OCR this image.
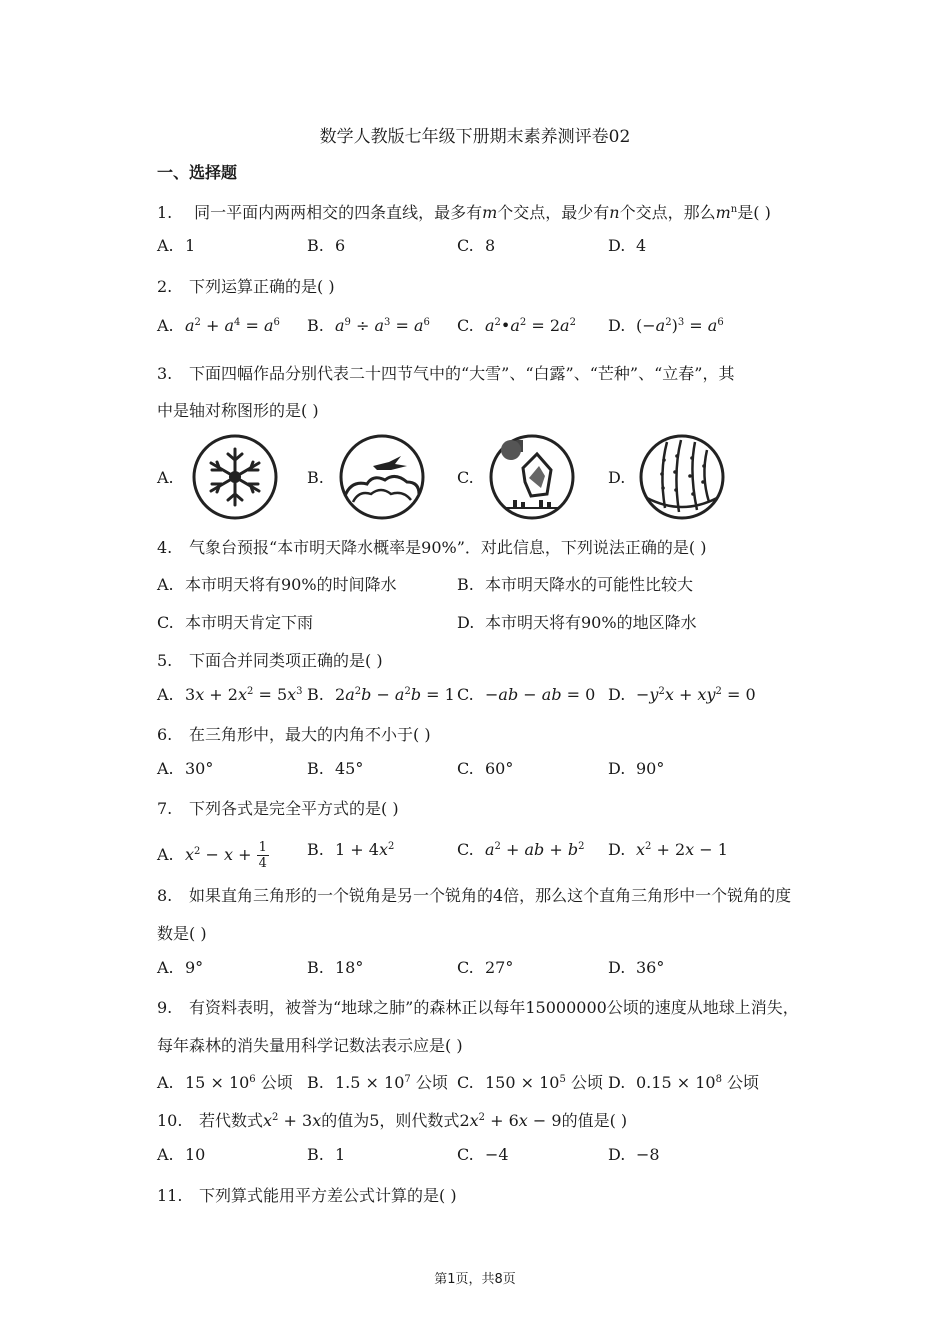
数学人教版七年级下册期末素养测评卷02
一、选择题
1. 同一平面内两两相交的四条直线，最多有m个交点，最少有n个交点，那么$m^n$是( )
A. 1	B. 6	C. 8	D. 4
2. 下列运算正确的是( )
A. $a^2 + a^4 = a^6$ B. $a^9 \div a^3 = a^6$ C. $a^2•a^2 = 2a^2$ D. $(-a^2)^3 = a^6$
3. 下面四幅作品分别代表二十四节气中的“大雪”、“白露”、“芒种”、“立春”，其
中是轴对称图形的是( )
A.	B.	C.	D.
4. 气象台预报“本市明天降水概率是90%”．对此信息，下列说法正确的是( )
A. 本市明天将有90%的时间降水	B. 本市明天降水的可能性比较大
C. 本市明天肯定下雨	D. 本市明天将有90%的地区降水
5. 下面合并同类项正确的是( )
A. $3x + 2x^2 = 5x^3$ B. $2a^2b - a^2b = 1$ C. −ab − ab = 0 D. $-y^2x + xy^2 = 0$
6. 在三角形中，最大的内角不小于( )
A. 30°	B. 45°	C. 60°	D. 90°
7. 下列各式是完全平方式的是( )
A. $x^2 - x + \frac{1}{4} B$. $1 + 4x^2$	C. $a^2$ + ab + $b^2$ D. $x^2 + 2x - 1$
8. 如果直角三角形的一个锐角是另一个锐角的4倍，那么这个直角三角形中一个锐角的度
数是( )
A. 9°	B. 18°	C. 27°	D. 36°
9. 有资料表明，被誉为“地球之肺”的森林正以每年15000000公顷的速度从地球上消失，
每年森林的消失量用科学记数法表示应是( )
A. $15 \times 10^6$ 公顷 B. $1.5 \times 10^7$ 公顷 C. $150 \times 10^5$ 公顷 D. $0.15 \times 10^8$ 公顷
10. 若代数式$x^2 + 3x$的值为5，则代数式$2x^2 + 6x - 9$的值是( )
A. 10	B. 1	C. −4	D. −8
11. 下列算式能用平方差公式计算的是( )
第1页，共8页
